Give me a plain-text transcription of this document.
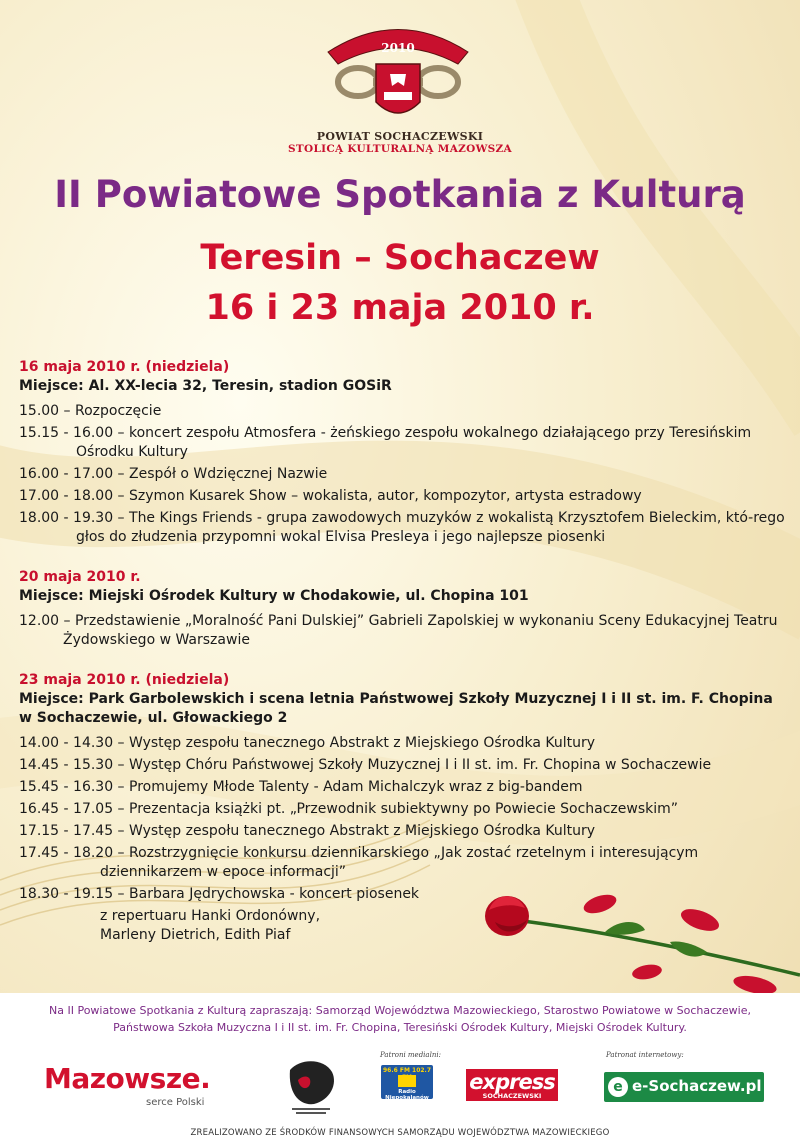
2010
POWIAT SOCHACZEWSKI
STOLICĄ KULTURALNĄ MAZOWSZA
II Powiatowe Spotkania z Kulturą
Teresin – Sochaczew
16 i 23 maja 2010 r.
16 maja 2010 r. (niedziela)
Miejsce: Al. XX-lecia 32, Teresin, stadion GOSiR
15.00 – Rozpoczęcie
15.15 - 16.00 – koncert zespołu Atmosfera - żeńskiego zespołu wokalnego działającego przy Teresińskim Ośrodku Kultury
16.00 - 17.00 – Zespół o Wdzięcznej Nazwie
17.00 - 18.00 – Szymon Kusarek Show – wokalista, autor, kompozytor, artysta estradowy
18.00 - 19.30 – The Kings Friends - grupa zawodowych muzyków z wokalistą Krzysztofem Bieleckim, któ-rego głos do złudzenia przypomni wokal Elvisa Presleya i jego najlepsze piosenki
20 maja 2010 r.
Miejsce: Miejski Ośrodek Kultury w Chodakowie, ul. Chopina 101
12.00 – Przedstawienie „Moralność Pani Dulskiej” Gabrieli Zapolskiej w wykonaniu Sceny Edukacyjnej Teatru Żydowskiego w Warszawie
23 maja 2010 r. (niedziela)
Miejsce: Park Garbolewskich i scena letnia Państwowej Szkoły Muzycznej I i II st. im. F. Chopina w Sochaczewie, ul. Głowackiego 2
14.00 - 14.30 – Występ zespołu tanecznego Abstrakt z Miejskiego Ośrodka Kultury
14.45 - 15.30 – Występ Chóru Państwowej Szkoły Muzycznej I i II st. im. Fr. Chopina w Sochaczewie
15.45 - 16.30 – Promujemy Młode Talenty - Adam Michalczyk wraz z big-bandem
16.45 - 17.05 – Prezentacja książki pt. „Przewodnik subiektywny po Powiecie Sochaczewskim”
17.15 - 17.45 – Występ zespołu tanecznego Abstrakt z Miejskiego Ośrodka Kultury
17.45 - 18.20 – Rozstrzygnięcie konkursu dziennikarskiego „Jak zostać rzetelnym i interesującym dziennikarzem w epoce informacji”
18.30 - 19.15 – Barbara Jędrychowska - koncert piosenek
z repertuaru Hanki Ordonówny,
Marleny Dietrich, Edith Piaf
Na II Powiatowe Spotkania z Kulturą zapraszają: Samorząd Województwa Mazowieckiego, Starostwo Powiatowe w Sochaczewie,
Państwowa Szkoła Muzyczna I i II st. im. Fr. Chopina, Teresiński Ośrodek Kultury, Miejski Ośrodek Kultury.
Mazowsze.
serce Polski
Patroni medialni:
96.6 FM 102.7
Radio Niepokalanów
express
SOCHACZEWSKI
Patronat internetowy:
e e-Sochaczew.pl
ZREALIZOWANO ZE ŚRODKÓW FINANSOWYCH SAMORZĄDU WOJEWÓDZTWA MAZOWIECKIEGO
